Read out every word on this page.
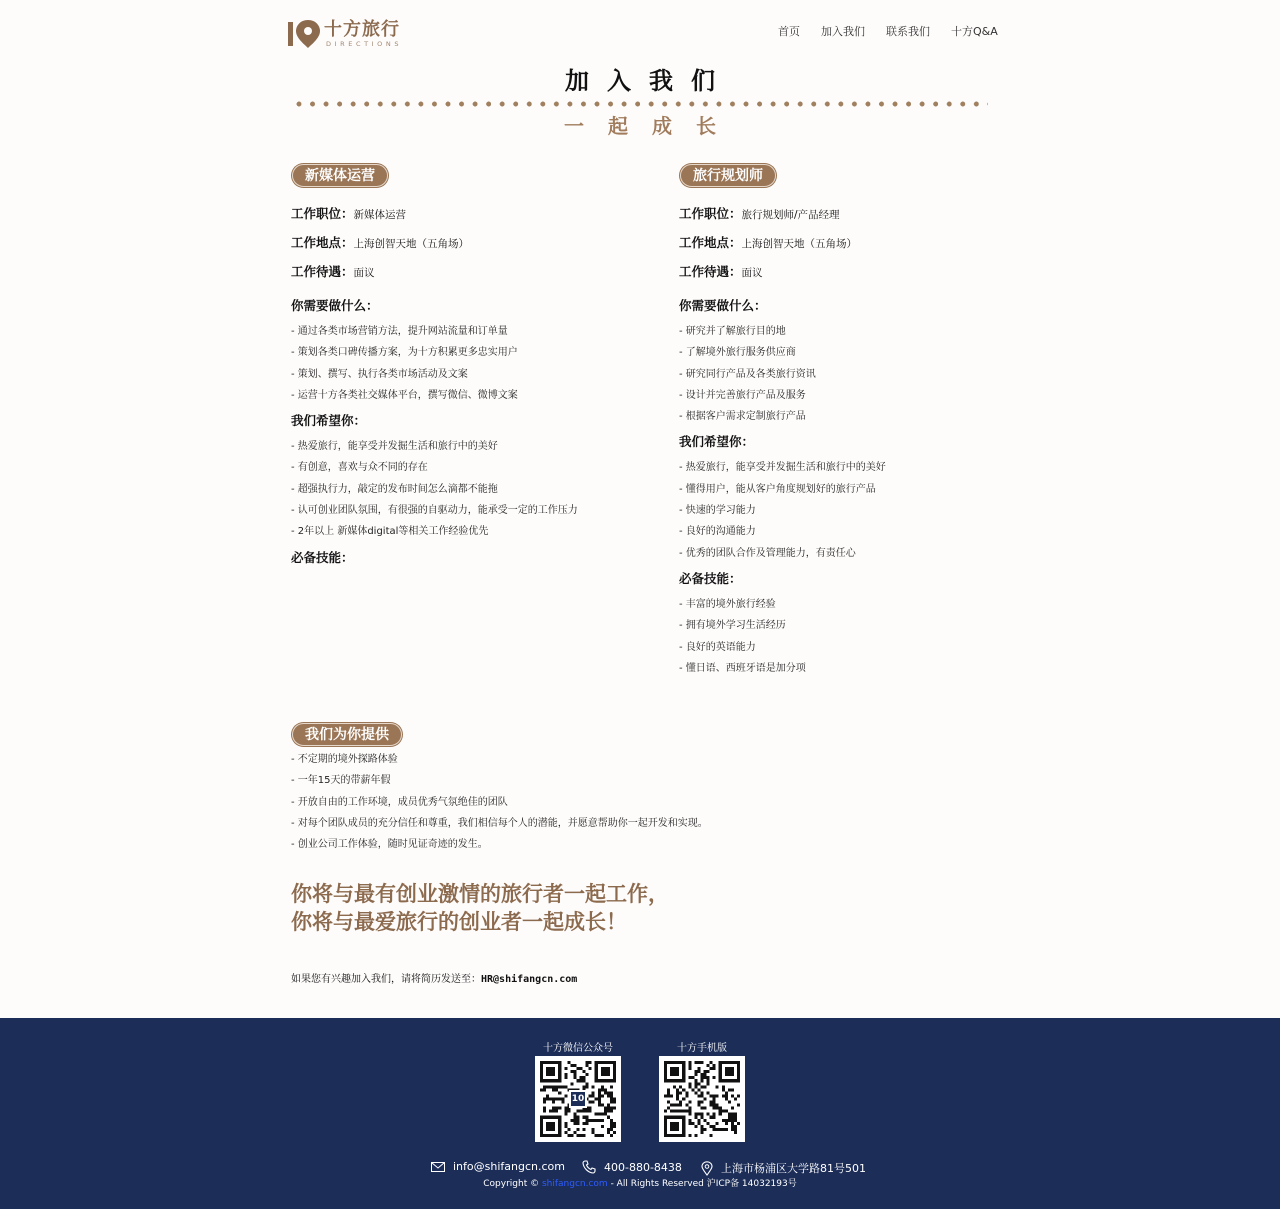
十方旅行
DIRECTIONS
首页 加入我们 联系我们 十方Q&A
加入我们
一起成长
新媒体运营
工作职位：新媒体运营
工作地点：上海创智天地（五角场）
工作待遇：面议
你需要做什么：
- 通过各类市场营销方法，提升网站流量和订单量
- 策划各类口碑传播方案，为十方积累更多忠实用户
- 策划、撰写、执行各类市场活动及文案
- 运营十方各类社交媒体平台，撰写微信、微博文案
我们希望你：
- 热爱旅行，能享受并发掘生活和旅行中的美好
- 有创意，喜欢与众不同的存在
- 超强执行力，敲定的发布时间怎么滴都不能拖
- 认可创业团队氛围，有很强的自驱动力，能承受一定的工作压力
- 2年以上 新媒体digital等相关工作经验优先
必备技能：
旅行规划师
工作职位：旅行规划师/产品经理
工作地点：上海创智天地（五角场）
工作待遇：面议
你需要做什么：
- 研究并了解旅行目的地
- 了解境外旅行服务供应商
- 研究同行产品及各类旅行资讯
- 设计并完善旅行产品及服务
- 根据客户需求定制旅行产品
我们希望你：
- 热爱旅行，能享受并发掘生活和旅行中的美好
- 懂得用户，能从客户角度规划好的旅行产品
- 快速的学习能力
- 良好的沟通能力
- 优秀的团队合作及管理能力，有责任心
必备技能：
- 丰富的境外旅行经验
- 拥有境外学习生活经历
- 良好的英语能力
- 懂日语、西班牙语是加分项
我们为你提供
- 不定期的境外探路体验
- 一年15天的带薪年假
- 开放自由的工作环境，成员优秀气氛绝佳的团队
- 对每个团队成员的充分信任和尊重，我们相信每个人的潜能，并愿意帮助你一起开发和实现。
- 创业公司工作体验，随时见证奇迹的发生。
你将与最有创业激情的旅行者一起工作，
你将与最爱旅行的创业者一起成长！
如果您有兴趣加入我们，请将简历发送至：HR@shifangcn.com
十方微信公众号
10
十方手机版
info@shifangcn.com	400-880-8438	上海市杨浦区大学路81号501
Copyright © shifangcn.com - All Rights Reserved 沪ICP备 14032193号
